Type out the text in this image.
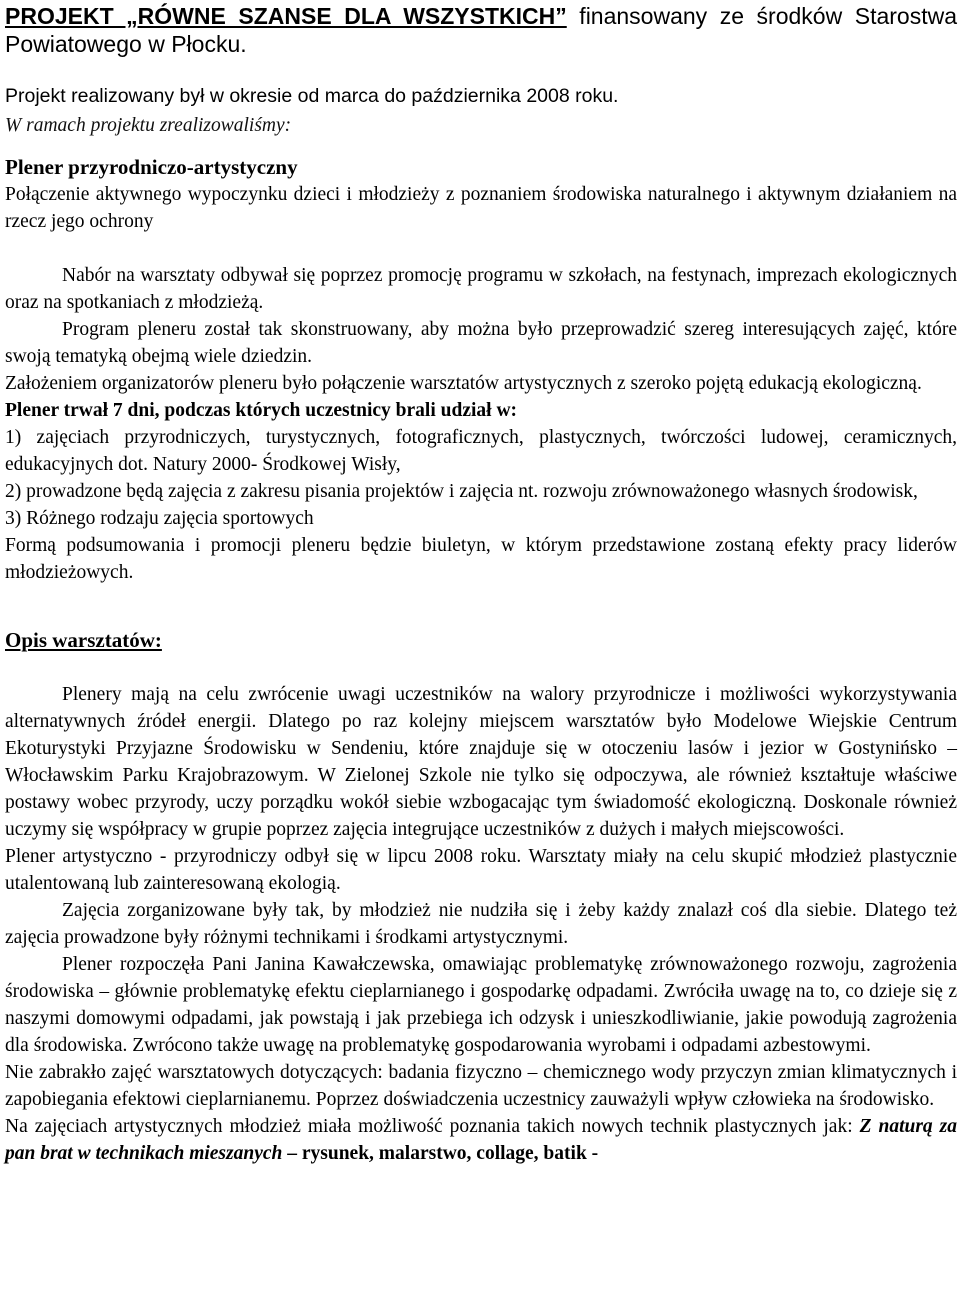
PROJEKT „RÓWNE SZANSE DLA WSZYSTKICH” finansowany ze środków Starostwa Powiatowego w Płocku.
Projekt realizowany był w okresie od marca do października 2008 roku.
W ramach projektu zrealizowaliśmy:
Plener przyrodniczo-artystyczny
Połączenie aktywnego wypoczynku dzieci i młodzieży z poznaniem środowiska naturalnego i aktywnym działaniem na rzecz jego ochrony
Nabór na warsztaty odbywał się poprzez promocję programu w szkołach, na festynach, imprezach ekologicznych oraz na spotkaniach z młodzieżą.
Program pleneru został tak skonstruowany, aby można było przeprowadzić szereg interesujących zajęć, które swoją tematyką obejmą wiele dziedzin.
Założeniem organizatorów pleneru było połączenie warsztatów artystycznych z szeroko pojętą edukacją ekologiczną.
Plener trwał 7 dni, podczas których uczestnicy brali udział w:
1) zajęciach przyrodniczych, turystycznych, fotograficznych, plastycznych, twórczości ludowej, ceramicznych, edukacyjnych dot. Natury 2000- Środkowej Wisły,
2) prowadzone będą zajęcia z zakresu pisania projektów i zajęcia nt. rozwoju zrównoważonego własnych środowisk,
3) Różnego rodzaju zajęcia sportowych
Formą podsumowania i promocji pleneru będzie biuletyn, w którym przedstawione zostaną efekty pracy liderów młodzieżowych.
Opis warsztatów:
Plenery mają na celu zwrócenie uwagi uczestników na walory przyrodnicze i możliwości wykorzystywania alternatywnych źródeł energii. Dlatego po raz kolejny miejscem warsztatów było Modelowe Wiejskie Centrum Ekoturystyki Przyjazne Środowisku w Sendeniu, które znajduje się w otoczeniu lasów i jezior w Gostynińsko – Włocławskim Parku Krajobrazowym. W Zielonej Szkole nie tylko się odpoczywa, ale również kształtuje właściwe postawy wobec przyrody, uczy porządku wokół siebie wzbogacając tym świadomość ekologiczną. Doskonale również uczymy się współpracy w grupie poprzez zajęcia integrujące uczestników z dużych i małych miejscowości.
Plener artystyczno - przyrodniczy odbył się w lipcu 2008 roku. Warsztaty miały na celu skupić młodzież plastycznie utalentowaną lub zainteresowaną ekologią.
Zajęcia zorganizowane były tak, by młodzież nie nudziła się i żeby każdy znalazł coś dla siebie. Dlatego też zajęcia prowadzone były różnymi technikami i środkami artystycznymi.
Plener rozpoczęła Pani Janina Kawałczewska, omawiając problematykę zrównoważonego rozwoju, zagrożenia środowiska – głównie problematykę efektu cieplarnianego i gospodarkę odpadami. Zwróciła uwagę na to, co dzieje się z naszymi domowymi odpadami, jak powstają i jak przebiega ich odzysk i unieszkodliwianie, jakie powodują zagrożenia dla środowiska. Zwrócono także uwagę na problematykę gospodarowania wyrobami i odpadami azbestowymi.
Nie zabrakło zajęć warsztatowych dotyczących: badania fizyczno – chemicznego wody przyczyn zmian klimatycznych i zapobiegania efektowi cieplarnianemu. Poprzez doświadczenia uczestnicy zauważyli wpływ człowieka na środowisko.
Na zajęciach artystycznych młodzież miała możliwość poznania takich nowych technik plastycznych jak: Z naturą za pan brat w technikach mieszanych – rysunek, malarstwo, collage, batik -
